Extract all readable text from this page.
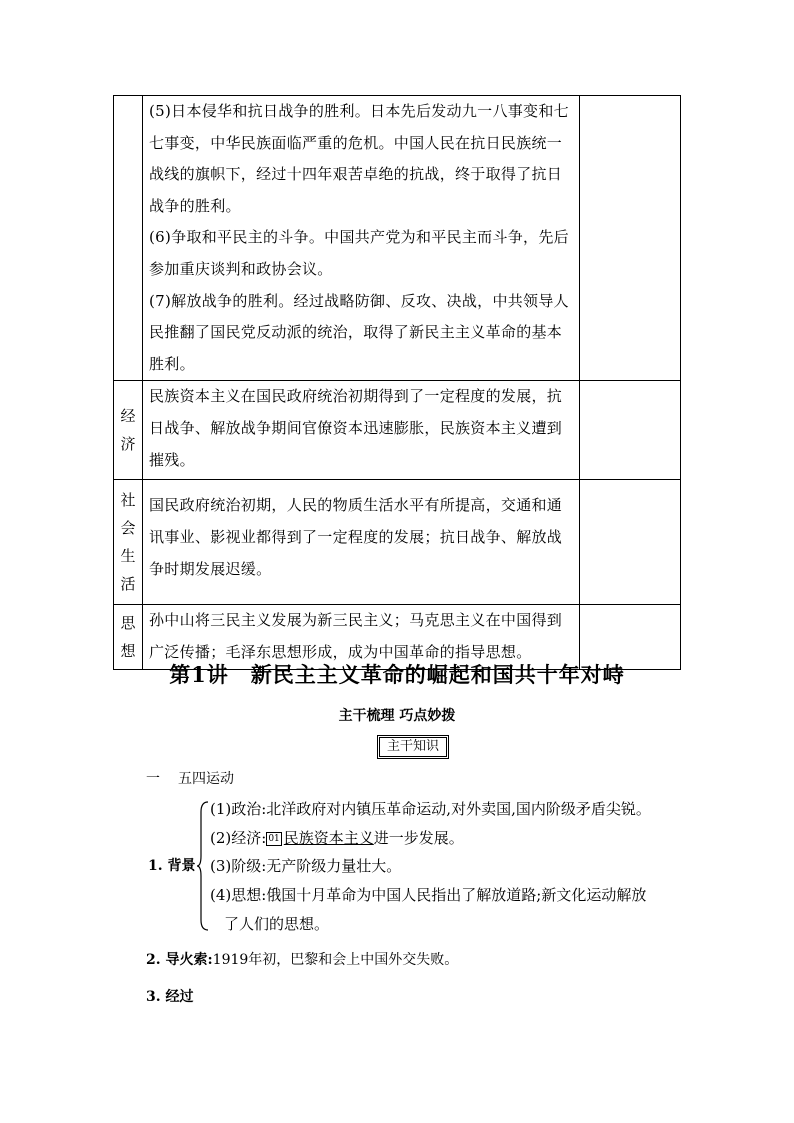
	(5)日本侵华和抗日战争的胜利。日本先后发动九一八事变和七七事变，中华民族面临严重的危机。中国人民在抗日民族统一战线的旗帜下，经过十四年艰苦卓绝的抗战，终于取得了抗日战争的胜利。

(6)争取和平民主的斗争。中国共产党为和平民主而斗争，先后参加重庆谈判和政协会议。

(7)解放战争的胜利。经过战略防御、反攻、决战，中共领导人民推翻了国民党反动派的统治，取得了新民主主义革命的基本胜利。	

经
济	民族资本主义在国民政府统治初期得到了一定程度的发展，抗日战争、解放战争期间官僚资本迅速膨胀，民族资本主义遭到摧残。	

社
会
生
活	国民政府统治初期，人民的物质生活水平有所提高，交通和通讯事业、影视业都得到了一定程度的发展；抗日战争、解放战争时期发展迟缓。	

思
想	孙中山将三民主义发展为新三民主义；马克思主义在中国得到广泛传播；毛泽东思想形成，成为中国革命的指导思想。	

第1讲　新民主主义革命的崛起和国共十年对峙
主干梳理 巧点妙拨
主干知识
一 五四运动
1. 背景
(1)政治:北洋政府对内镇压革命运动,对外卖国,国内阶级矛盾尖锐。
(2)经济: 01 民族资本主义进一步发展。
(3)阶级:无产阶级力量壮大。
(4)思想:俄国十月革命为中国人民指出了解放道路;新文化运动解放
了人们的思想。
2. 导火索:1919年初，巴黎和会上中国外交失败。
3. 经过
